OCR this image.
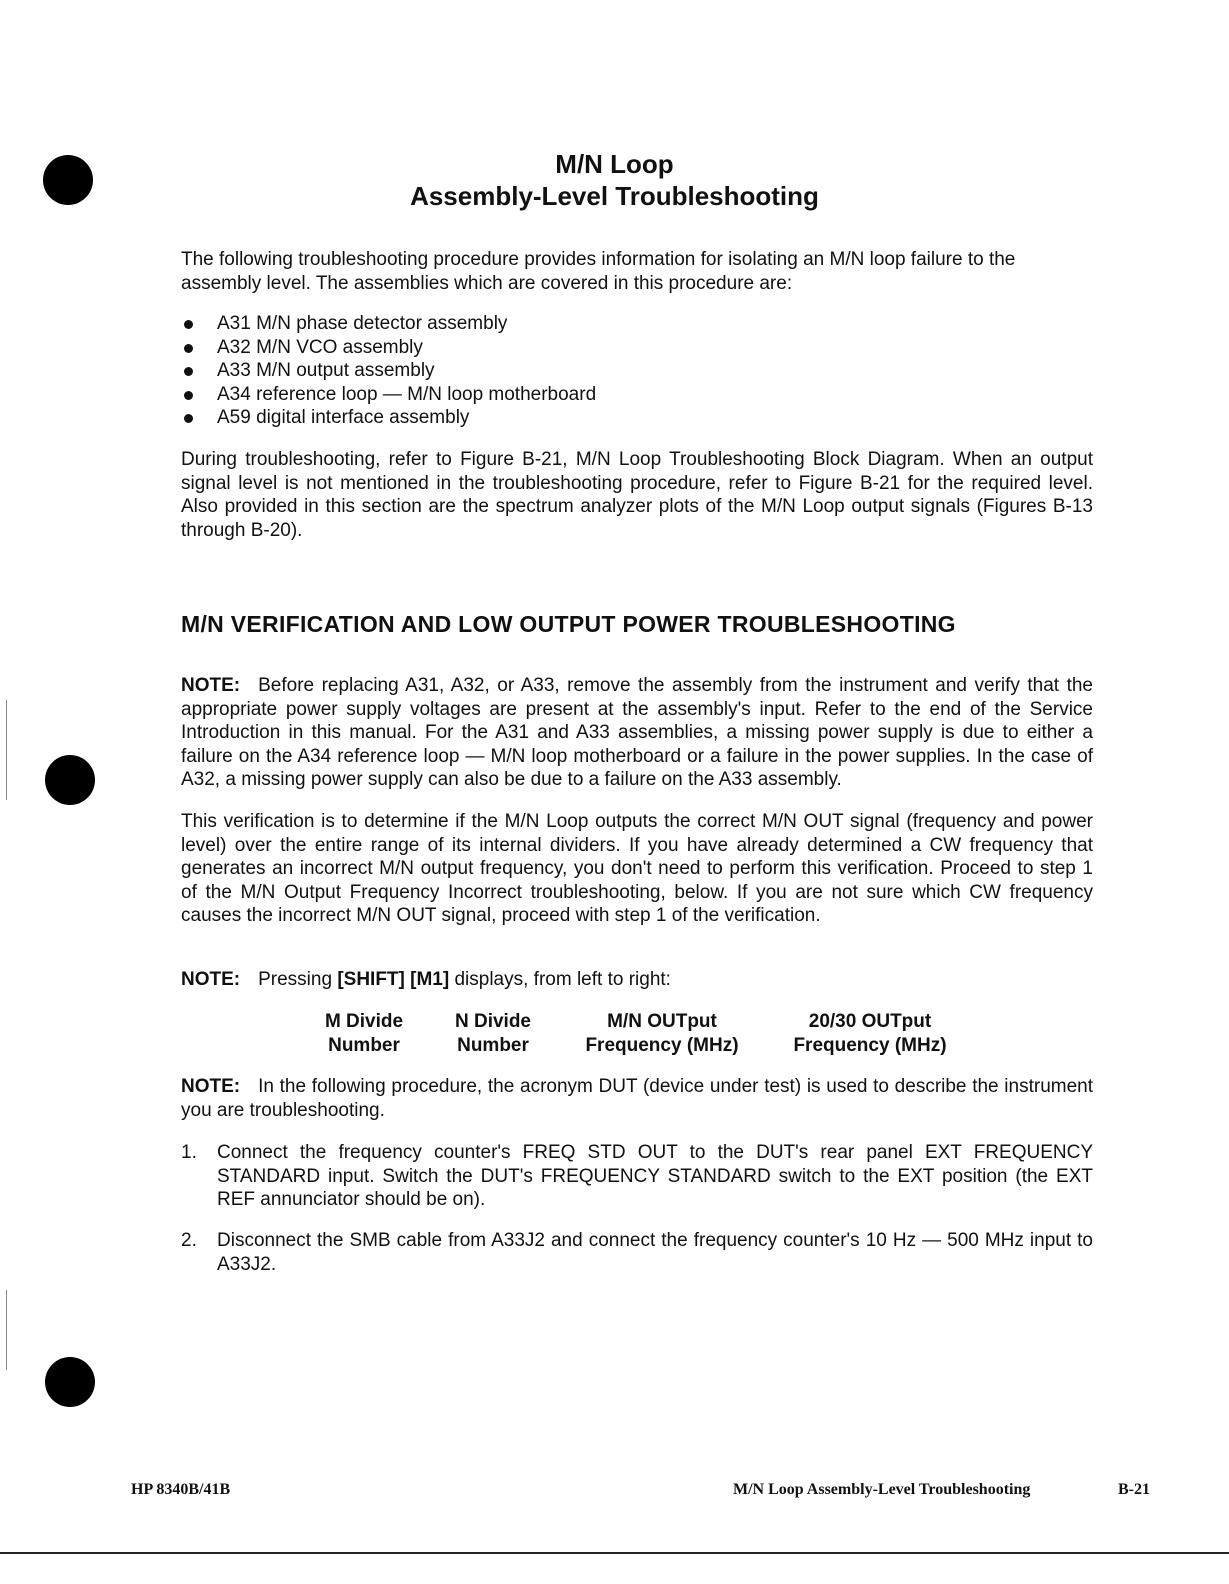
M/N Loop
Assembly-Level Troubleshooting
The following troubleshooting procedure provides information for isolating an M/N loop failure to the assembly level. The assemblies which are covered in this procedure are:
A31 M/N phase detector assembly
A32 M/N VCO assembly
A33 M/N output assembly
A34 reference loop — M/N loop motherboard
A59 digital interface assembly
During troubleshooting, refer to Figure B-21, M/N Loop Troubleshooting Block Diagram. When an output signal level is not mentioned in the troubleshooting procedure, refer to Figure B-21 for the required level. Also provided in this section are the spectrum analyzer plots of the M/N Loop output signals (Figures B-13 through B-20).
M/N VERIFICATION AND LOW OUTPUT POWER TROUBLESHOOTING
NOTE: Before replacing A31, A32, or A33, remove the assembly from the instrument and verify that the appropriate power supply voltages are present at the assembly's input. Refer to the end of the Service Introduction in this manual. For the A31 and A33 assemblies, a missing power supply is due to either a failure on the A34 reference loop — M/N loop motherboard or a failure in the power supplies. In the case of A32, a missing power supply can also be due to a failure on the A33 assembly.
This verification is to determine if the M/N Loop outputs the correct M/N OUT signal (frequency and power level) over the entire range of its internal dividers. If you have already determined a CW frequency that generates an incorrect M/N output frequency, you don't need to perform this verification. Proceed to step 1 of the M/N Output Frequency Incorrect troubleshooting, below. If you are not sure which CW frequency causes the incorrect M/N OUT signal, proceed with step 1 of the verification.
NOTE: Pressing [SHIFT] [M1] displays, from left to right:
M Divide
Number
N Divide
Number
M/N OUTput
Frequency (MHz)
20/30 OUTput
Frequency (MHz)
NOTE: In the following procedure, the acronym DUT (device under test) is used to describe the instrument you are troubleshooting.
1. Connect the frequency counter's FREQ STD OUT to the DUT's rear panel EXT FREQUENCY STANDARD input. Switch the DUT's FREQUENCY STANDARD switch to the EXT position (the EXT REF annunciator should be on).
2. Disconnect the SMB cable from A33J2 and connect the frequency counter's 10 Hz — 500 MHz input to A33J2.
HP 8340B/41B	M/N Loop Assembly-Level Troubleshooting	B-21
